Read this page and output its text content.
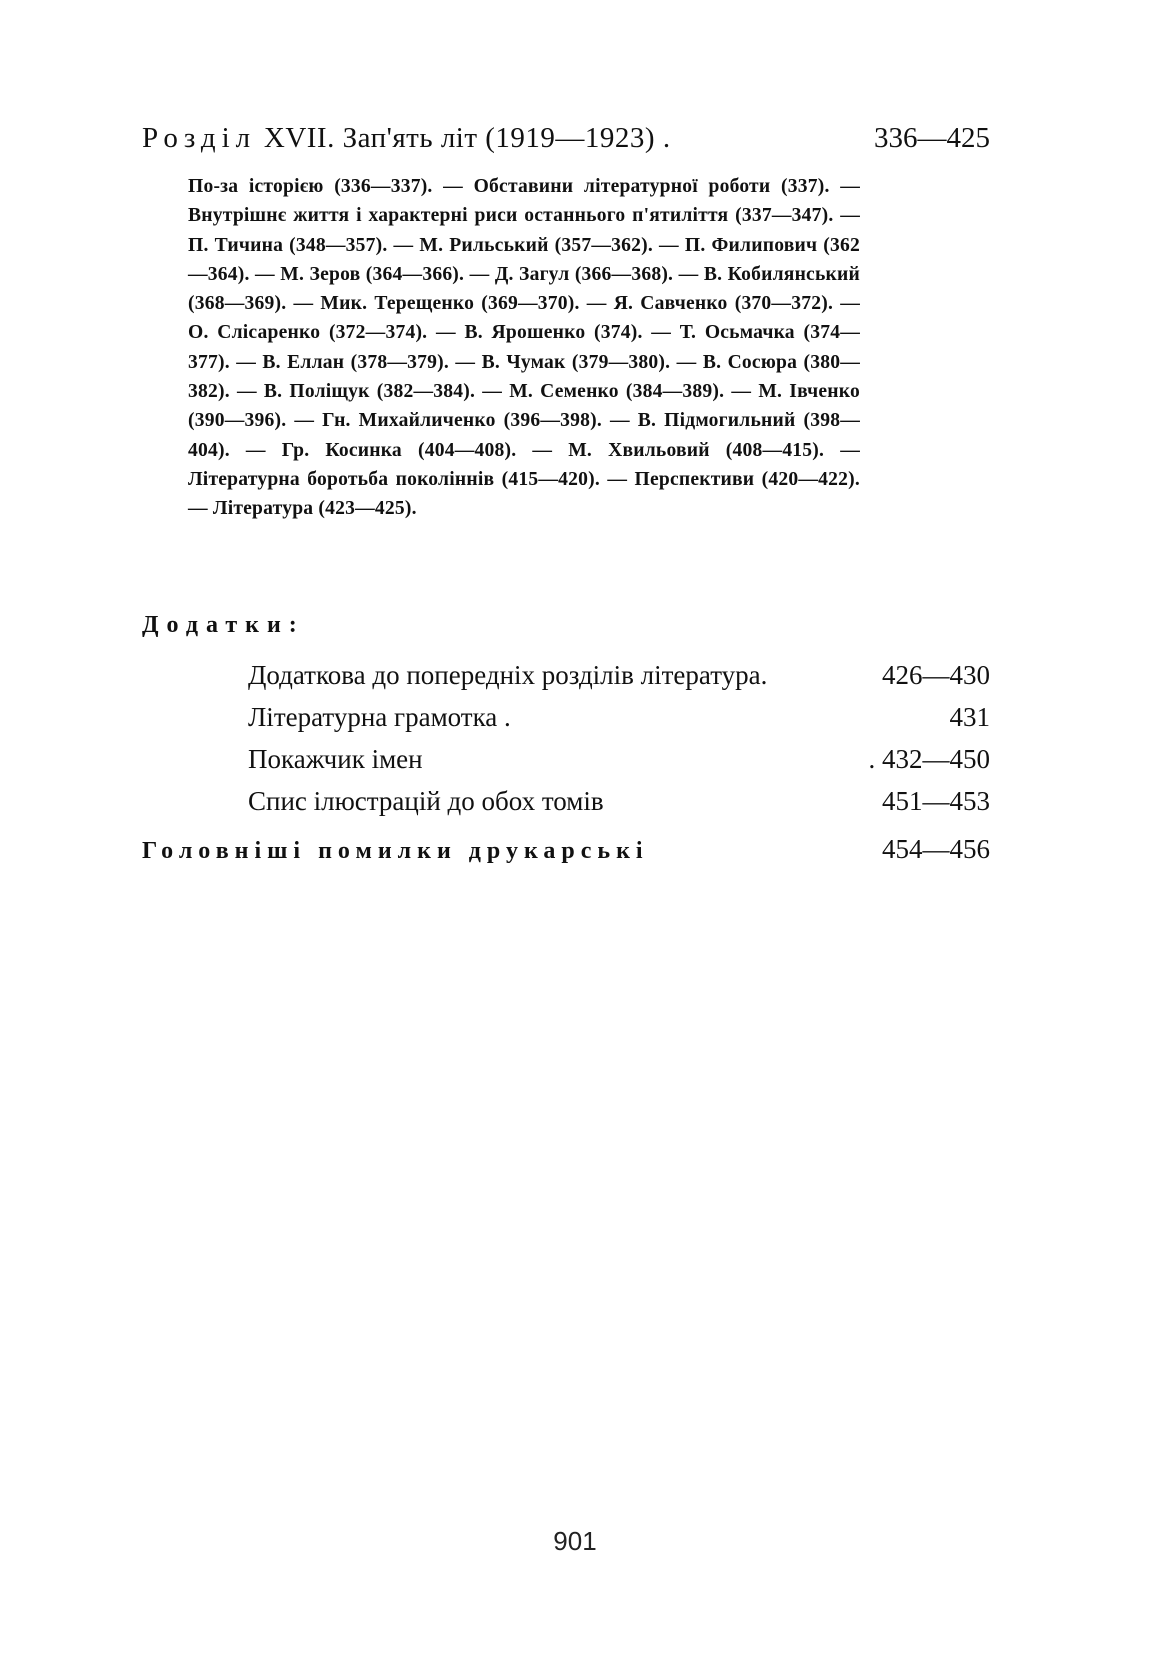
Розділ XVII. Зап'ять літ (1919—1923) .	336—425
По-за історією (336—337). — Обставини літературної роботи (337). — Внутрішнє життя і характерні риси останнього п'ятиліття (337—347). — П. Тичина (348—357). — М. Рильський (357—362). — П. Филипович (362—364). — М. Зеров (364—366). — Д. Загул (366—368). — В. Кобилянський (368—369). — Мик. Терещенко (369—370). — Я. Савченко (370—372). — О. Слісаренко (372—374). — В. Ярошенко (374). — Т. Осьмачка (374—377). — В. Еллан (378—379). — В. Чумак (379—380). — В. Сосюра (380—382). — В. Поліщук (382—384). — М. Семенко (384—389). — М. Івченко (390—396). — Гн. Михайличенко (396—398). — В. Підмогильний (398—404). — Гр. Косинка (404—408). — М. Хвильовий (408—415). — Літературна боротьба поколіннів (415—420). — Перспективи (420—422). — Література (423—425).
Додатки:
Додаткова до попередніх розділів література.	426—430
Літературна грамотка .	431
Покажчик імен	. 432—450
Спис ілюстрацій до обох томів	451—453
Головніші помилки друкарські	454—456
901
